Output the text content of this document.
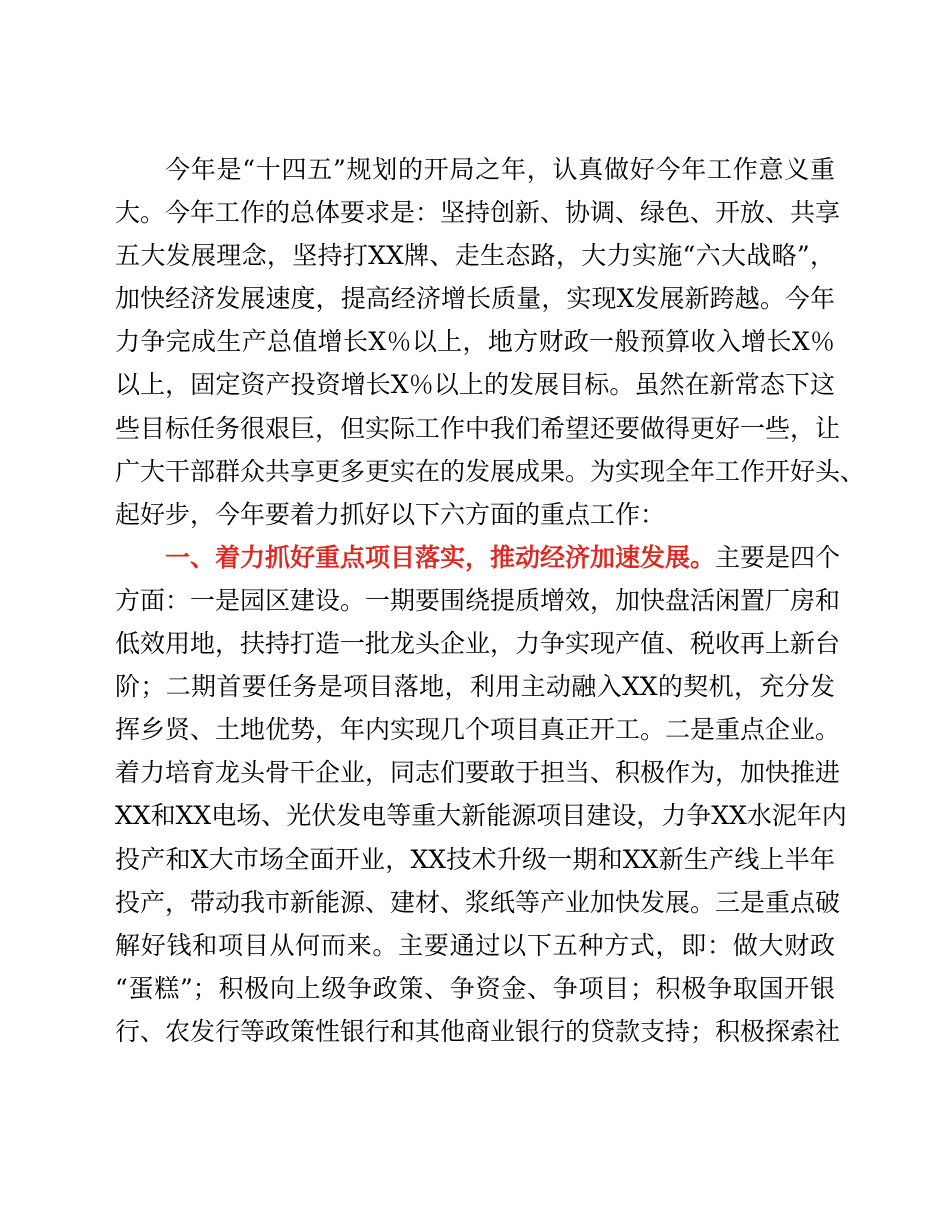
今年是“十四五”规划的开局之年，认真做好今年工作意义重
大。今年工作的总体要求是：坚持创新、协调、绿色、开放、共享
五大发展理念，坚持打XX牌、走生态路，大力实施“六大战略”，
加快经济发展速度，提高经济增长质量，实现X发展新跨越。今年
力争完成生产总值增长X％以上，地方财政一般预算收入增长X％
以上，固定资产投资增长X％以上的发展目标。虽然在新常态下这
些目标任务很艰巨，但实际工作中我们希望还要做得更好一些，让
广大干部群众共享更多更实在的发展成果。为实现全年工作开好头、
起好步，今年要着力抓好以下六方面的重点工作：
一、着力抓好重点项目落实，推动经济加速发展。主要是四个
方面：一是园区建设。一期要围绕提质增效，加快盘活闲置厂房和
低效用地，扶持打造一批龙头企业，力争实现产值、税收再上新台
阶；二期首要任务是项目落地，利用主动融入XX的契机，充分发
挥乡贤、土地优势，年内实现几个项目真正开工。二是重点企业。
着力培育龙头骨干企业，同志们要敢于担当、积极作为，加快推进
XX和XX电场、光伏发电等重大新能源项目建设，力争XX水泥年内
投产和X大市场全面开业，XX技术升级一期和XX新生产线上半年
投产，带动我市新能源、建材、浆纸等产业加快发展。三是重点破
解好钱和项目从何而来。主要通过以下五种方式，即：做大财政
“蛋糕”；积极向上级争政策、争资金、争项目；积极争取国开银
行、农发行等政策性银行和其他商业银行的贷款支持；积极探索社
